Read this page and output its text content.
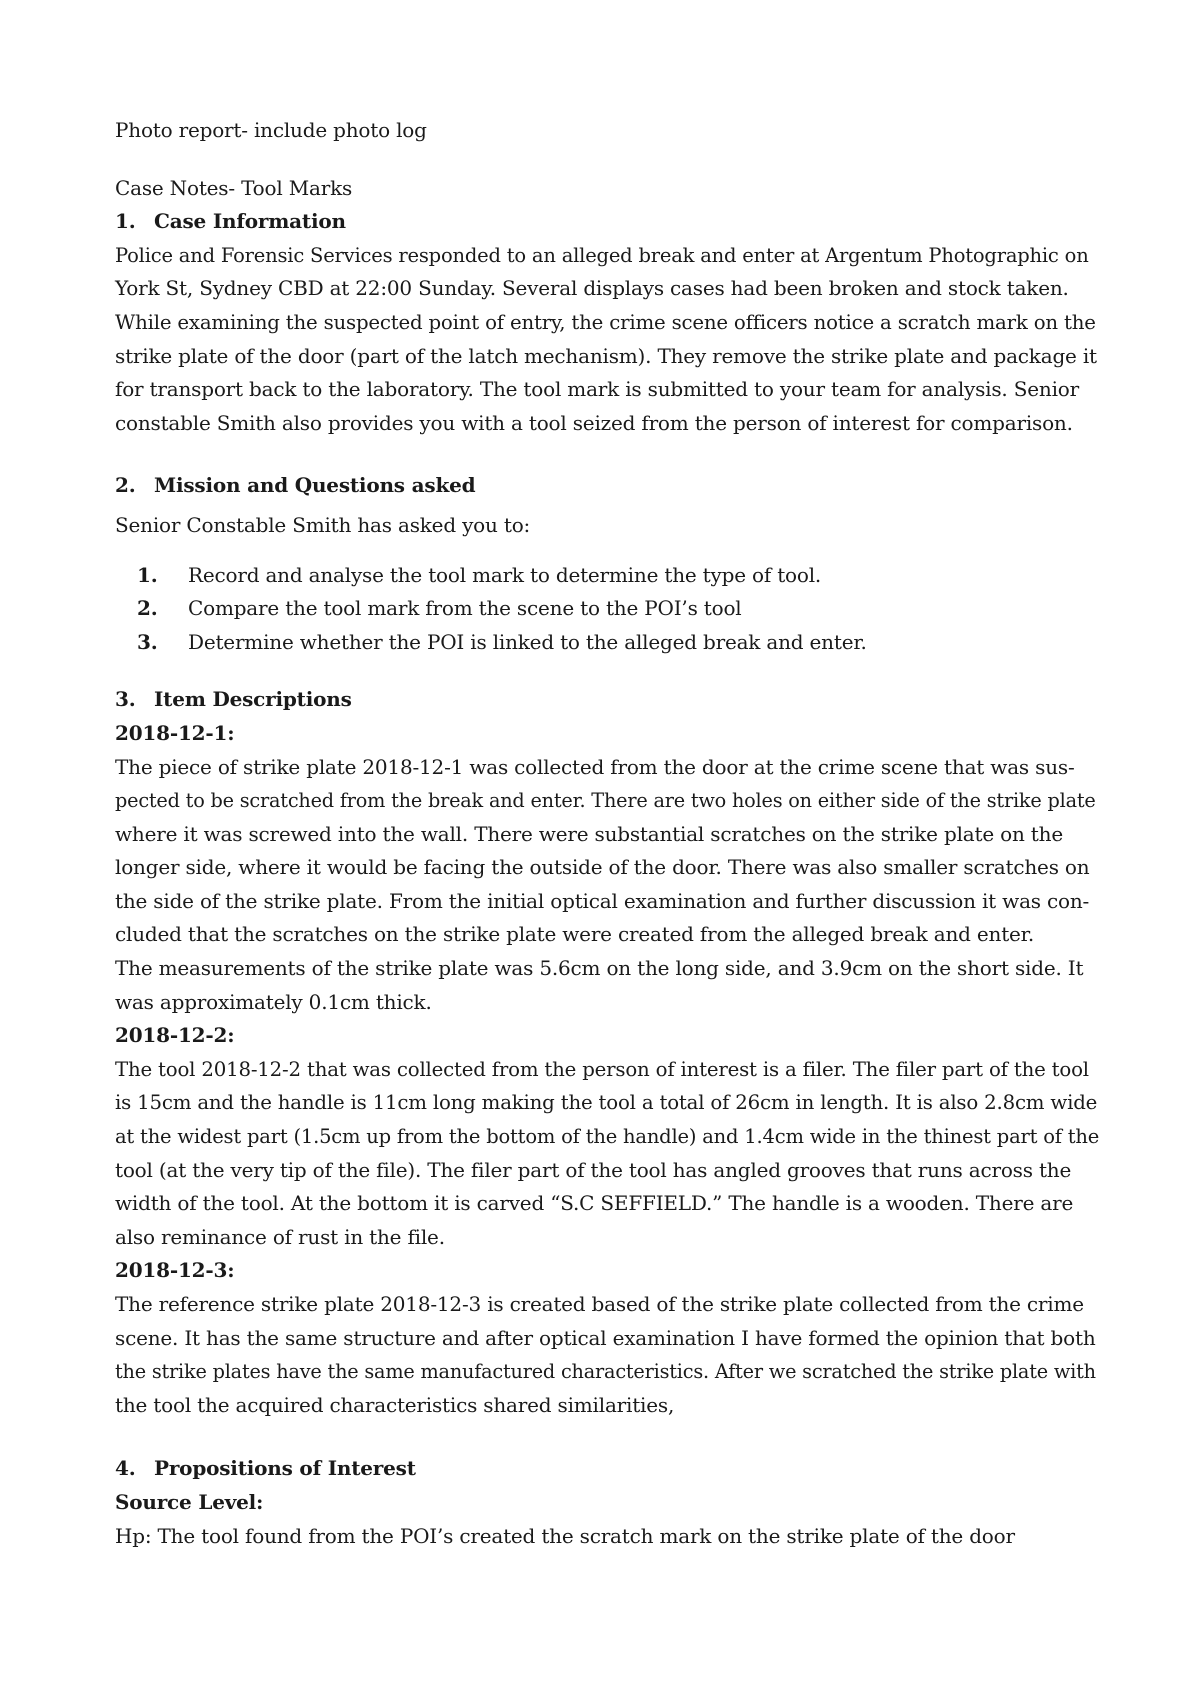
Photo report- include photo log

Case Notes- Tool Marks

1. Case Information

Police and Forensic Services responded to an alleged break and enter at Argentum Photographic on

York St, Sydney CBD at 22:00 Sunday. Several displays cases had been broken and stock taken.

While examining the suspected point of entry, the crime scene officers notice a scratch mark on the

strike plate of the door (part of the latch mechanism). They remove the strike plate and package it

for transport back to the laboratory. The tool mark is submitted to your team for analysis. Senior

constable Smith also provides you with a tool seized from the person of interest for comparison.

2. Mission and Questions asked

Senior Constable Smith has asked you to:

1.	Record and analyse the tool mark to determine the type of tool.
2.	Compare the tool mark from the scene to the POI’s tool
3.	Determine whether the POI is linked to the alleged break and enter.
3. Item Descriptions

2018-12-1:

The piece of strike plate 2018-12-1 was collected from the door at the crime scene that was sus-

pected to be scratched from the break and enter. There are two holes on either side of the strike plate

where it was screwed into the wall. There were substantial scratches on the strike plate on the

longer side, where it would be facing the outside of the door. There was also smaller scratches on

the side of the strike plate. From the initial optical examination and further discussion it was con-

cluded that the scratches on the strike plate were created from the alleged break and enter.

The measurements of the strike plate was 5.6cm on the long side, and 3.9cm on the short side. It

was approximately 0.1cm thick.

2018-12-2:

The tool 2018-12-2 that was collected from the person of interest is a filer. The filer part of the tool

is 15cm and the handle is 11cm long making the tool a total of 26cm in length. It is also 2.8cm wide

at the widest part (1.5cm up from the bottom of the handle) and 1.4cm wide in the thinest part of the

tool (at the very tip of the file). The filer part of the tool has angled grooves that runs across the

width of the tool. At the bottom it is carved “S.C SEFFIELD.” The handle is a wooden. There are

also reminance of rust in the file.

2018-12-3:

The reference strike plate 2018-12-3 is created based of the strike plate collected from the crime

scene. It has the same structure and after optical examination I have formed the opinion that both

the strike plates have the same manufactured characteristics. After we scratched the strike plate with

the tool the acquired characteristics shared similarities,

4. Propositions of Interest

Source Level:

Hp: The tool found from the POI’s created the scratch mark on the strike plate of the door
